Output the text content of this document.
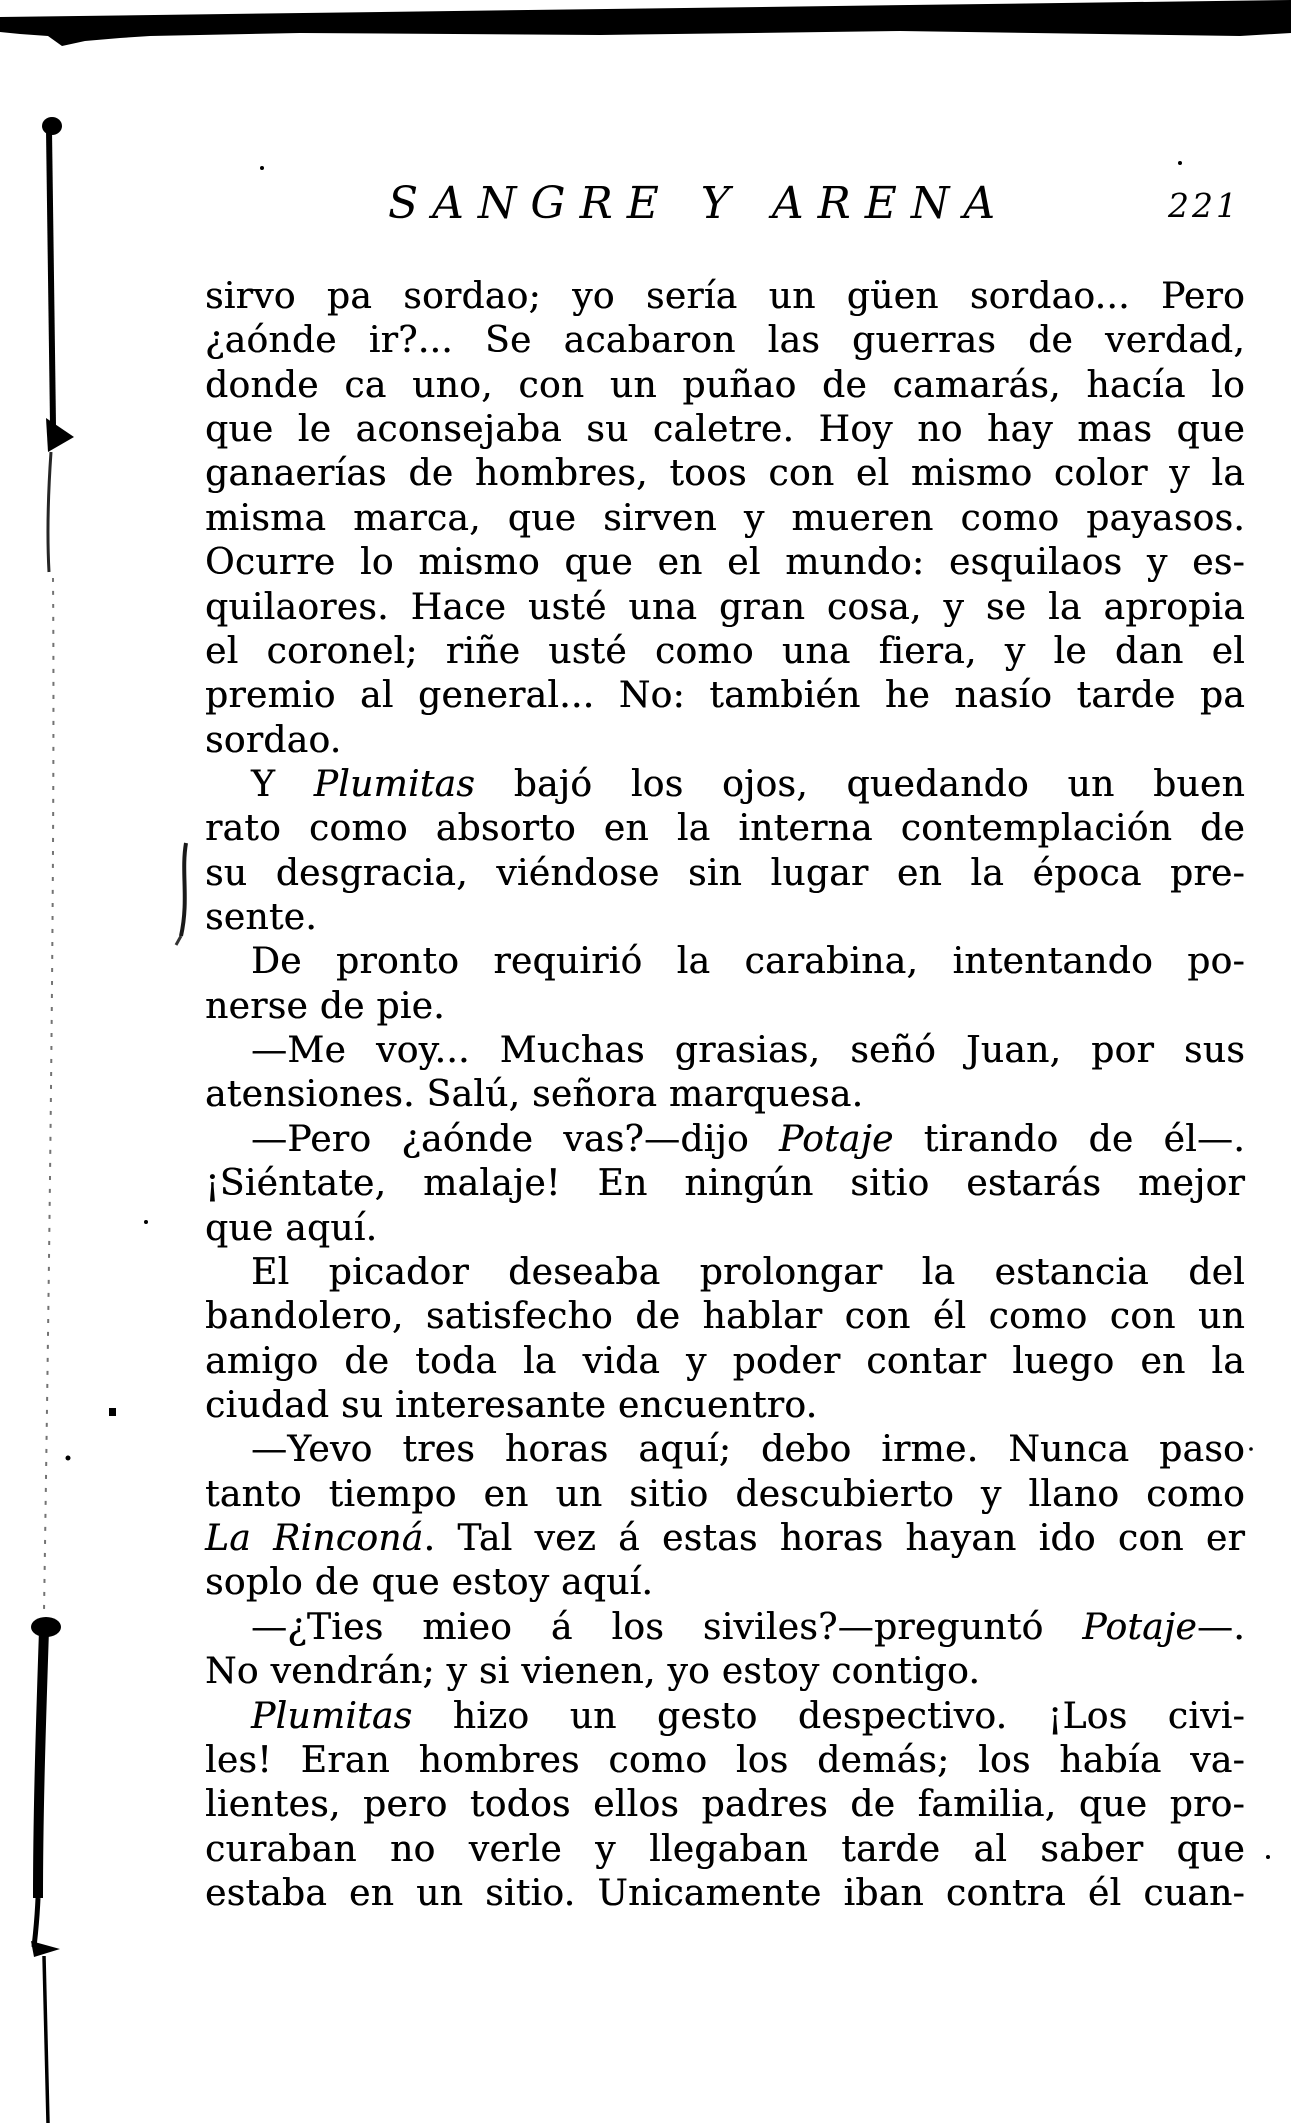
SANGRE Y ARENA	221
sirvo pa sordao; yo sería un güen sordao... Pero
¿aónde ir?... Se acabaron las guerras de verdad,
donde ca uno, con un puñao de camarás, hacía lo
que le aconsejaba su caletre. Hoy no hay mas que
ganaerías de hombres, toos con el mismo color y la
misma marca, que sirven y mueren como payasos.
Ocurre lo mismo que en el mundo: esquilaos y es-
quilaores. Hace usté una gran cosa, y se la apropia
el coronel; riñe usté como una fiera, y le dan el
premio al general... No: también he nasío tarde pa
sordao.
Y Plumitas bajó los ojos, quedando un buen
rato como absorto en la interna contemplación de
su desgracia, viéndose sin lugar en la época pre-
sente.
De pronto requirió la carabina, intentando po-
nerse de pie.
—Me voy... Muchas grasias, señó Juan, por sus
atensiones. Salú, señora marquesa.
—Pero ¿aónde vas?—dijo Potaje tirando de él—.
¡Siéntate, malaje! En ningún sitio estarás mejor
que aquí.
El picador deseaba prolongar la estancia del
bandolero, satisfecho de hablar con él como con un
amigo de toda la vida y poder contar luego en la
ciudad su interesante encuentro.
—Yevo tres horas aquí; debo irme. Nunca paso
tanto tiempo en un sitio descubierto y llano como
La Rinconá. Tal vez á estas horas hayan ido con er
soplo de que estoy aquí.
—¿Ties mieo á los siviles?—preguntó Potaje—.
No vendrán; y si vienen, yo estoy contigo.
Plumitas hizo un gesto despectivo. ¡Los civi-
les! Eran hombres como los demás; los había va-
lientes, pero todos ellos padres de familia, que pro-
curaban no verle y llegaban tarde al saber que
estaba en un sitio. Unicamente iban contra él cuan-
